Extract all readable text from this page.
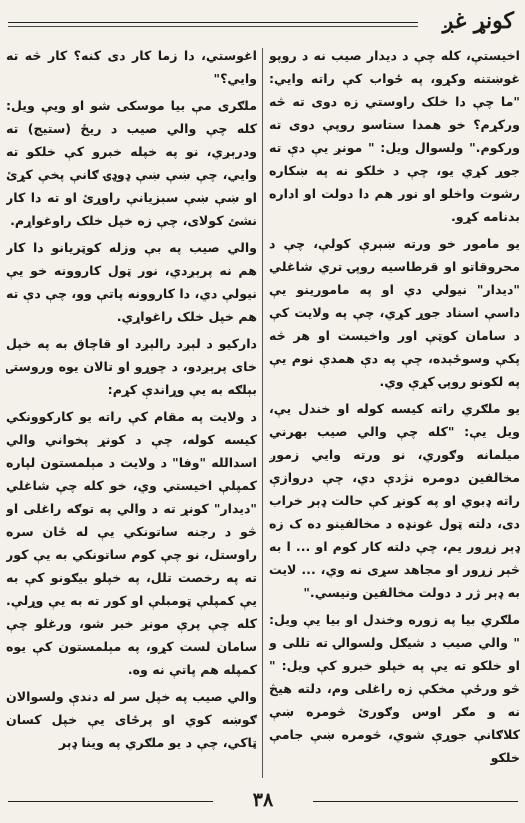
کونړ غږ

اخيستې، کله چې د ديدار صيب نه د روپو غوښتنه وکړو، په ځواب کې راته وايي: "ما چې دا خلک راوستي زه دوی ته څه ورکړم؟ خو همدا ستاسو روپې دوی ته ورکوم." ولسوال ويل: " مونږ يې دې ته جوړ کړي يو، چې د خلکو نه په ښکاره رشوت واخلو او نور هم دا دولت او اداره بدنامه کړو.

يو مامور خو ورته ښېرې کولې، چې د محروقاتو او قرطاسيه روپۍ تري شاغلي "ديدار" نيولي دي او په مامورينو يې داسې اسناد جوړ کړي، چې په ولايت کې د سامان کوټې اور واخيست او هر څه پکې وسوځېده، چې په دې همدې نوم يې په لکونو روپۍ کړې وي.

يو ملګري راته کيسه کوله او خندل يې، ويل يې: "کله چې والي صيب بهرني ميلمانه وګوري، نو ورته وايي زموږ مخالفين دومره نژدې دي، چې دروازې راته ډبوي او په کونړ کې حالت ډېر خراب دی، دلته ټول غونډه د مخالفينو ده ک زه ډېر زړور يم، چې دلته کار کوم او ... ا به څېر زړور او مجاهد سړی نه وي، ... لايت به ډېر ژر د دولت مخالفين ونيسي."

ملګري بيا په زوره وخندل او بيا يې ويل: " والي صيب د شيګل ولسوالۍ ته تللی و او خلکو ته يې په خپلو خبرو کې ويل: " څو ورځې مخکې زه راغلی وم، دلته هيڅ نه و مګر اوس وګورئ څومره ښې کلاګانې جوړې شوي، څومره ښې جامې خلکو

اغوستي، دا زما کار دی کنه؟ کار څه ته وايي؟"

ملګری مې بيا موسکی شو او ويې ويل: کله چې والي صيب د ريځ (ستيج) ته ودرېږي، نو په خپله خبرو کې خلکو ته وايي، چې ښې ښې ډوډۍ ګانې پخې کړئ او ښې ښې سبزيانې راوړئ او ته دا کار نشئ کولای، چې زه خپل خلک راوغواړم.

والي صيب په بې وزله کوټريانو دا کار هم نه پرېږدي، نور ټول کاروونه خو يې نيولې دي، دا کاروونه پاتې وو، چې دې ته هم خپل خلک راغواړي.

دارکيو د لېږد رالېږد او قاچاق به په خپل خای پرېږدو، د چوړو او تالان يوه وروستۍ بېلګه به يې وړاندې کړم:

د ولايت په مقام کې راته يو کارکوونکي کيسه کوله، چې د کونړ پخواني والي اسدالله "وفا" د ولايت د مېلمستون لپاره کمپلې اخيستي وي، خو کله چې شاغلي "ديدار" کونړ ته د والي په توګه راغلی او څو د رجنه ساتونکي يې له ځان سره راوستل، نو چې کوم ساتونکي به يې کور ته په رخصت تلل، په خپلو بيګونو کې به يې کمپلې ټومبلې او کور ته به يې وړلې. کله چې پرې مونږ خبر شو، ورغلو چې سامان لست کړو، په مېلمستون کې يوه کمپله هم پاتې نه وه.

والي صيب په خپل سر له دندې ولسوالان ګوښه کوي او پرځای يې خپل کسان ټاکي، چې د يو ملګري په وينا ډېر

۳۸
